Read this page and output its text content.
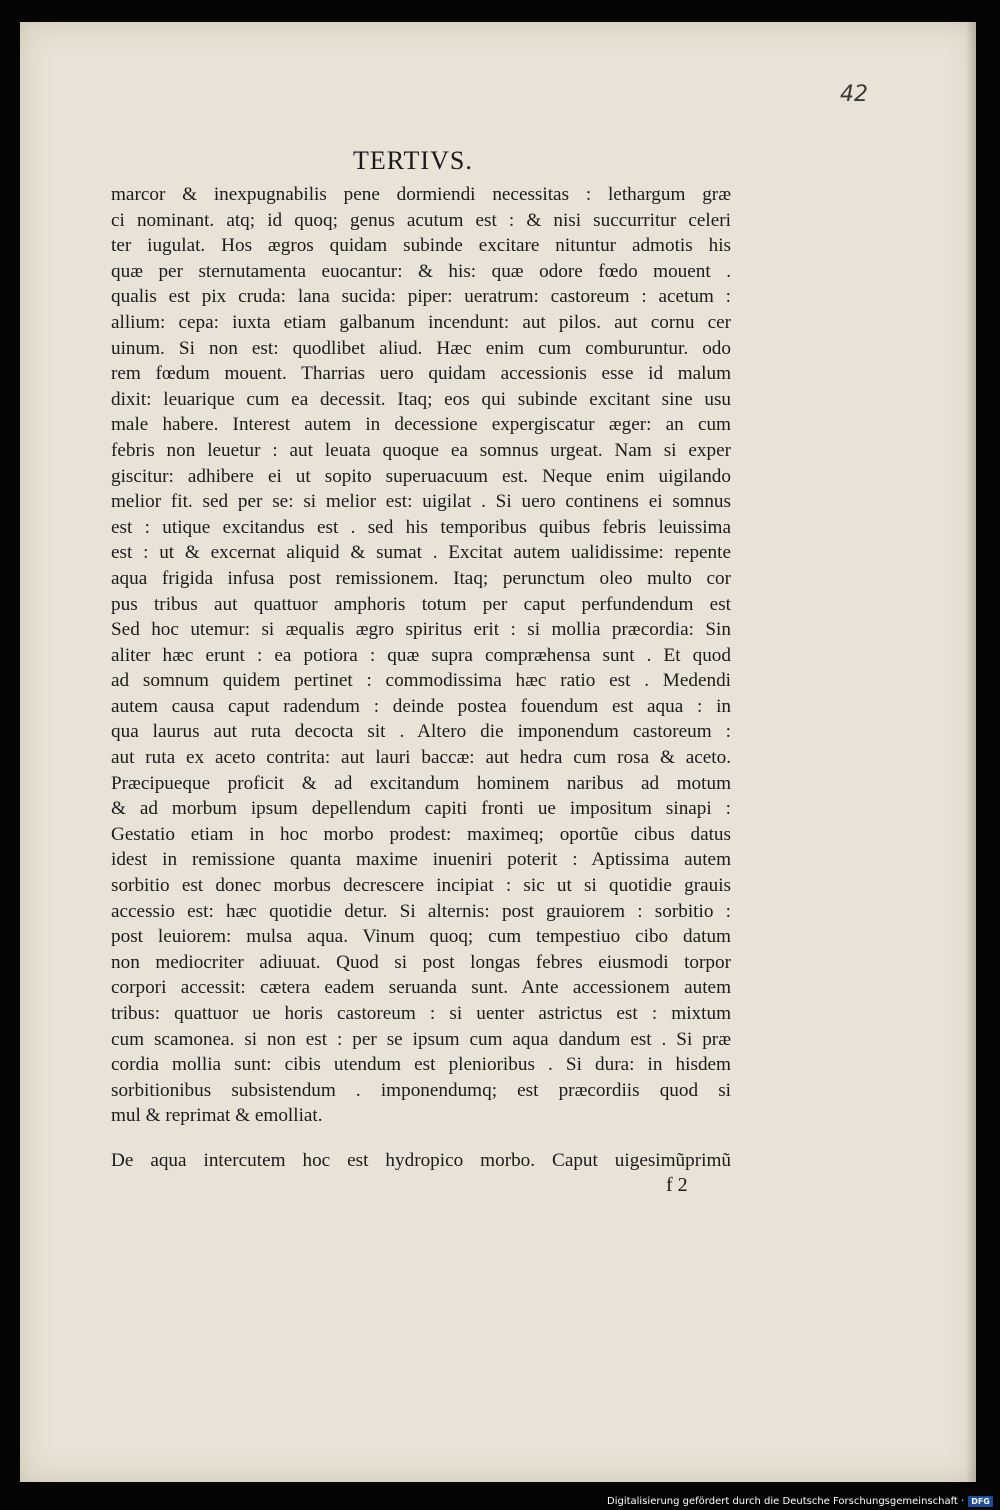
42
TERTIVS.
marcor & inexpugnabilis pene dormiendi necessitas : lethargum græ
ci nominant. atq; id quoq; genus acutum est : & nisi succurritur celeri
ter iugulat. Hos ægros quidam subinde excitare nituntur admotis his
quæ per sternutamenta euocantur: & his: quæ odore fœdo mouent .
qualis est pix cruda: lana sucida: piper: ueratrum: castoreum : acetum :
allium: cepa: iuxta etiam galbanum incendunt: aut pilos. aut cornu cer
uinum. Si non est: quodlibet aliud. Hæc enim cum comburuntur. odo
rem fœdum mouent. Tharrias uero quidam accessionis esse id malum
dixit: leuarique cum ea decessit. Itaq; eos qui subinde excitant sine usu
male habere. Interest autem in decessione expergiscatur æger: an cum
febris non leuetur : aut leuata quoque ea somnus urgeat. Nam si exper
giscitur: adhibere ei ut sopito superuacuum est. Neque enim uigilando
melior fit. sed per se: si melior est: uigilat . Si uero continens ei somnus
est : utique excitandus est . sed his temporibus quibus febris leuissima
est : ut & excernat aliquid & sumat . Excitat autem ualidissime: repente
aqua frigida infusa post remissionem. Itaq; perunctum oleo multo cor
pus tribus aut quattuor amphoris totum per caput perfundendum est
Sed hoc utemur: si æqualis ægro spiritus erit : si mollia præcordia: Sin
aliter hæc erunt : ea potiora : quæ supra compræhensa sunt . Et quod
ad somnum quidem pertinet : commodissima hæc ratio est . Medendi
autem causa caput radendum : deinde postea fouendum est aqua : in
qua laurus aut ruta decocta sit . Altero die imponendum castoreum :
aut ruta ex aceto contrita: aut lauri baccæ: aut hedra cum rosa & aceto.
Præcipueque proficit & ad excitandum hominem naribus ad motum
& ad morbum ipsum depellendum capiti fronti ue impositum sinapi :
Gestatio etiam in hoc morbo prodest: maximeq; oportũe cibus datus
idest in remissione quanta maxime inueniri poterit : Aptissima autem
sorbitio est donec morbus decrescere incipiat : sic ut si quotidie grauis
accessio est: hæc quotidie detur. Si alternis: post grauiorem : sorbitio :
post leuiorem: mulsa aqua. Vinum quoq; cum tempestiuo cibo datum
non mediocriter adiuuat. Quod si post longas febres eiusmodi torpor
corpori accessit: cætera eadem seruanda sunt. Ante accessionem autem
tribus: quattuor ue horis castoreum : si uenter astrictus est : mixtum
cum scamonea. si non est : per se ipsum cum aqua dandum est . Si præ
cordia mollia sunt: cibis utendum est plenioribus . Si dura: in hisdem
sorbitionibus subsistendum . imponendumq; est præcordiis quod si
mul & reprimat & emolliat.
De aqua intercutem hoc est hydropico morbo. Caput uigesimũprimũ
f 2
Digitalisierung gefördert durch die Deutsche Forschungsgemeinschaft · DFG
